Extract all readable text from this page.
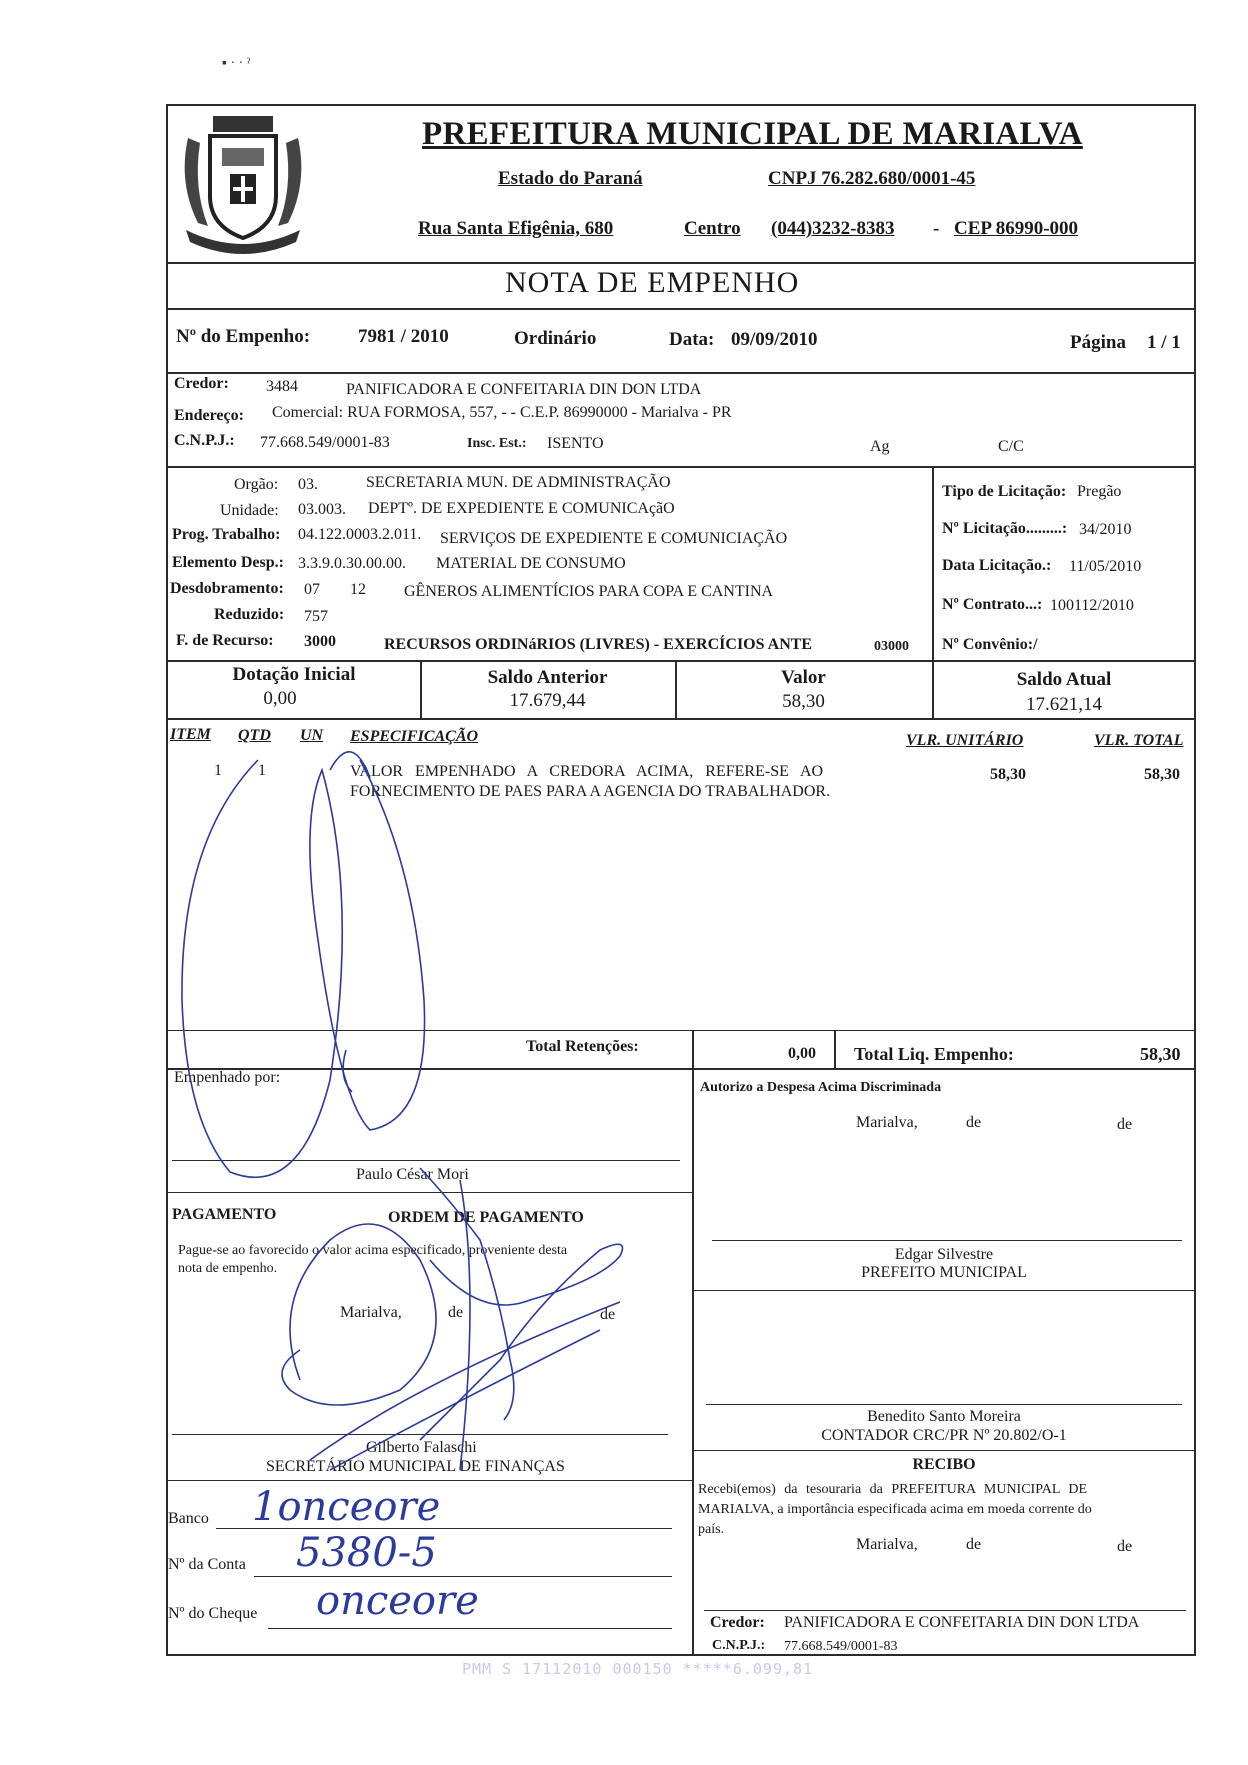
▪ · · ˀ
PREFEITURA MUNICIPAL DE MARIALVA
Estado do Paraná	CNPJ 76.282.680/0001-45
Rua Santa Efigênia, 680	Centro (044)3232-8383 - CEP 86990-000
NOTA DE EMPENHO
Nº do Empenho:	7981 / 2010	Ordinário	Data: 09/09/2010	Página 1 / 1
Credor: 3484	PANIFICADORA E CONFEITARIA DIN DON LTDA
Endereço: Comercial: RUA FORMOSA, 557, - - C.E.P. 86990000 - Marialva - PR
C.N.P.J.: 77.668.549/0001-83	Insc. Est.: ISENTO	Ag	C/C
Orgão: 03.	SECRETARIA MUN. DE ADMINISTRAÇÃO
Unidade: 03.003. DEPTº. DE EXPEDIENTE E COMUNICAçãO
Prog. Trabalho: 04.122.0003.2.011. SERVIÇOS DE EXPEDIENTE E COMUNICIAÇÃO
Elemento Desp.: 3.3.9.0.30.00.00. MATERIAL DE CONSUMO
Desdobramento: 07 12 GÊNEROS ALIMENTÍCIOS PARA COPA E CANTINA
Reduzido: 757
F. de Recurso: 3000	RECURSOS ORDINáRIOS (LIVRES) - EXERCÍCIOS ANTE	03000
Tipo de Licitação: Pregão
Nº Licitação.........: 34/2010
Data Licitação.: 11/05/2010
Nº Contrato...: 100112/2010
Nº Convênio:/
Dotação Inicial
0,00
Saldo Anterior
17.679,44
Valor
58,30
Saldo Atual
17.621,14
ITEM QTD UN ESPECIFICAÇÃO	VLR. UNITÁRIO	VLR. TOTAL
1 1	VALOR EMPENHADO A CREDORA ACIMA, REFERE-SE AO
FORNECIMENTO DE PAES PARA A AGENCIA DO TRABALHADOR.
58,30	58,30
Total Retenções:	0,00 Total Liq. Empenho:	58,30
Empenhado por:
Paulo César Mori
Autorizo a Despesa Acima Discriminada
Marialva,	de	de
Edgar Silvestre
PREFEITO MUNICIPAL
Benedito Santo Moreira
CONTADOR CRC/PR Nº 20.802/O-1
PAGAMENTO	ORDEM DE PAGAMENTO
Pague-se ao favorecido o valor acima especificado, proveniente desta
nota de empenho.
Marialva,	de	de
Gilberto Falaschi
SECRETÁRIO MUNICIPAL DE FINANÇAS
Banco 1onceore
Nº da Conta 5380-5
Nº do Cheque onceore
RECIBO
Recebi(emos) da tesouraria da PREFEITURA MUNICIPAL DE
MARIALVA, a importância especificada acima em moeda corrente do
país.
Marialva,	de	de
Credor: PANIFICADORA E CONFEITARIA DIN DON LTDA
C.N.P.J.: 77.668.549/0001-83
PMM S 17112010 000150 *****6.099,81
